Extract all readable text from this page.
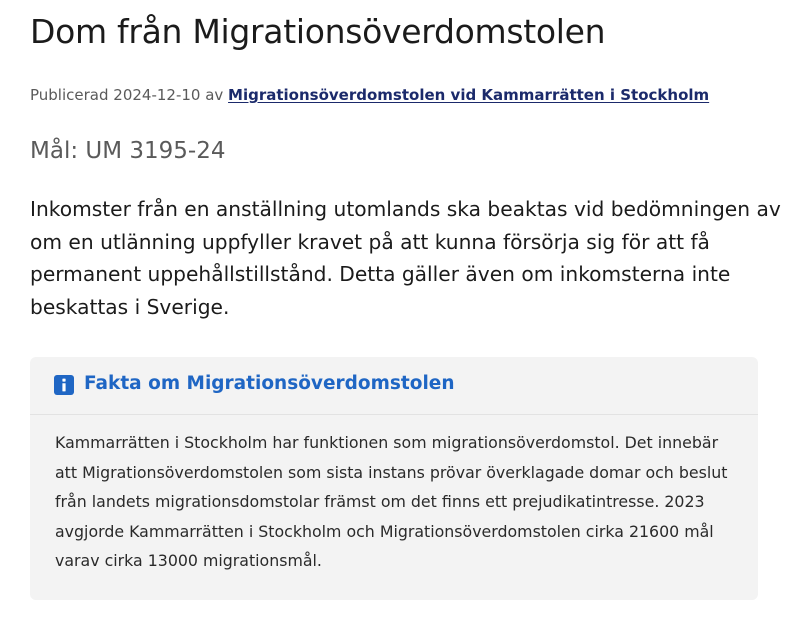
Dom från Migrationsöverdomstolen
Publicerad 2024-12-10 av Migrationsöverdomstolen vid Kammarrätten i Stockholm
Mål: UM 3195-24

Inkomster från en anställning utomlands ska beaktas vid bedömningen av
om en utlänning uppfyller kravet på att kunna försörja sig för att få
permanent uppehållstillstånd. Detta gäller även om inkomsterna inte
beskattas i Sverige.

Fakta om Migrationsöverdomstolen

Kammarrätten i Stockholm har funktionen som migrationsöverdomstol. Det innebär
att Migrationsöverdomstolen som sista instans prövar överklagade domar och beslut
från landets migrationsdomstolar främst om det finns ett prejudikatintresse. 2023
avgjorde Kammarrätten i Stockholm och Migrationsöverdomstolen cirka 21600 mål
varav cirka 13000 migrationsmål.
